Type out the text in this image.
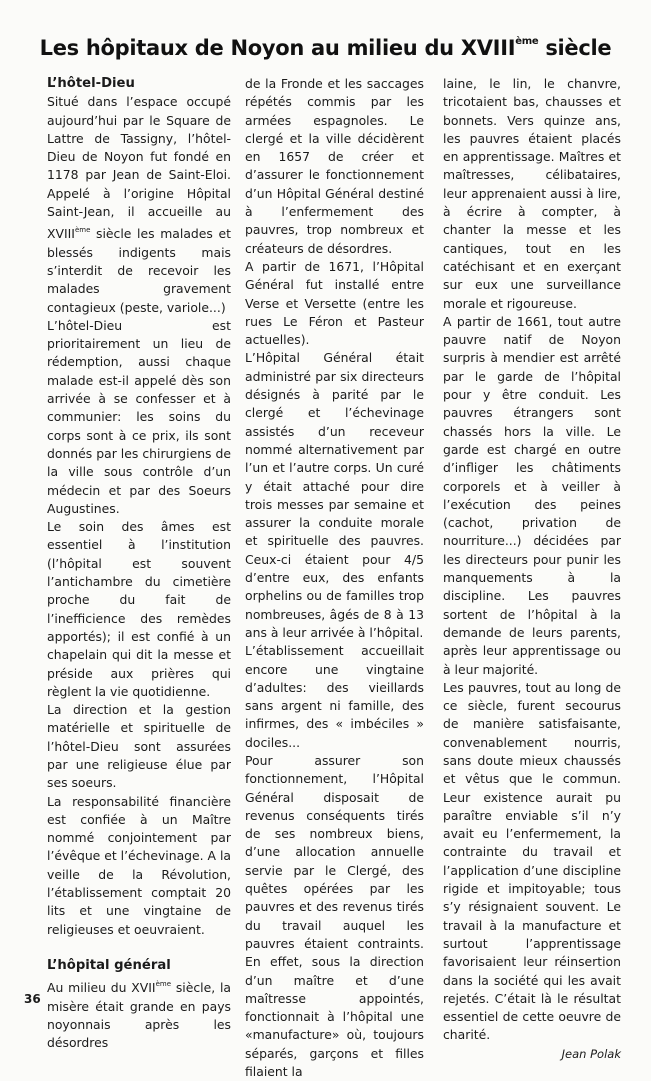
Les hôpitaux de Noyon au milieu du XVIIIème siècle
L’hôtel-Dieu

Situé dans l’espace occupé aujourd’hui par le Square de Lattre de Tassigny, l’hôtel-Dieu de Noyon fut fondé en 1178 par Jean de Saint-Eloi. Appelé à l’origine Hôpital Saint-Jean, il accueille au XVIIIème siècle les malades et blessés indigents mais s’interdit de recevoir les malades gravement contagieux (peste, variole...)

L’hôtel-Dieu est prioritairement un lieu de rédemption, aussi chaque malade est-il appelé dès son arrivée à se confesser et à communier: les soins du corps sont à ce prix, ils sont donnés par les chirurgiens de la ville sous contrôle d’un médecin et par des Soeurs Augustines.

Le soin des âmes est essentiel à l’institution (l’hôpital est souvent l’antichambre du cimetière proche du fait de l’inefficience des remèdes apportés); il est confié à un chapelain qui dit la messe et préside aux prières qui règlent la vie quotidienne.

La direction et la gestion matérielle et spirituelle de l’hôtel-Dieu sont assurées par une religieuse élue par ses soeurs.

La responsabilité financière est confiée à un Maître nommé conjointement par l’évêque et l’échevinage. A la veille de la Révolution, l’établissement comptait 20 lits et une vingtaine de religieuses et oeuvraient.

L’hôpital général

Au milieu du XVIIème siècle, la misère était grande en pays noyonnais après les désordres

de la Fronde et les saccages répétés commis par les armées espagnoles. Le clergé et la ville décidèrent en 1657 de créer et d’assurer le fonctionnement d’un Hôpital Général destiné à l’enfermement des pauvres, trop nombreux et créateurs de désordres.

A partir de 1671, l’Hôpital Général fut installé entre Verse et Versette (entre les rues Le Féron et Pasteur actuelles).

L’Hôpital Général était administré par six directeurs désignés à parité par le clergé et l’échevinage assistés d’un receveur nommé alternativement par l’un et l’autre corps. Un curé y était attaché pour dire trois messes par semaine et assurer la conduite morale et spirituelle des pauvres. Ceux-ci étaient pour 4/5 d’entre eux, des enfants orphelins ou de familles trop nombreuses, âgés de 8 à 13 ans à leur arrivée à l’hôpital.

L’établissement accueillait encore une vingtaine d’adultes: des vieillards sans argent ni famille, des infirmes, des « imbéciles » dociles...

Pour assurer son fonctionnement, l’Hôpital Général disposait de revenus conséquents tirés de ses nombreux biens, d’une allocation annuelle servie par le Clergé, des quêtes opérées par les pauvres et des revenus tirés du travail auquel les pauvres étaient contraints. En effet, sous la direction d’un maître et d’une maîtresse appointés, fonctionnait à l’hôpital une «manufacture» où, toujours séparés, garçons et filles filaient la

laine, le lin, le chanvre, tricotaient bas, chausses et bonnets. Vers quinze ans, les pauvres étaient placés en apprentissage. Maîtres et maîtresses, célibataires, leur apprenaient aussi à lire, à écrire à compter, à chanter la messe et les cantiques, tout en les catéchisant et en exerçant sur eux une surveillance morale et rigoureuse.

A partir de 1661, tout autre pauvre natif de Noyon surpris à mendier est arrêté par le garde de l’hôpital pour y être conduit. Les pauvres étrangers sont chassés hors la ville. Le garde est chargé en outre d’infliger les châtiments corporels et à veiller à l’exécution des peines (cachot, privation de nourriture...) décidées par les directeurs pour punir les manquements à la discipline. Les pauvres sortent de l’hôpital à la demande de leurs parents, après leur apprentissage ou à leur majorité.

Les pauvres, tout au long de ce siècle, furent secourus de manière satisfaisante, convenablement nourris, sans doute mieux chaussés et vêtus que le commun. Leur existence aurait pu paraître enviable s’il n’y avait eu l’enfermement, la contrainte du travail et l’application d’une discipline rigide et impitoyable; tous s’y résignaient souvent. Le travail à la manufacture et surtout l’apprentissage favorisaient leur réinsertion dans la société qui les avait rejetés. C’était là le résultat essentiel de cette oeuvre de charité.

Jean Polak

36
